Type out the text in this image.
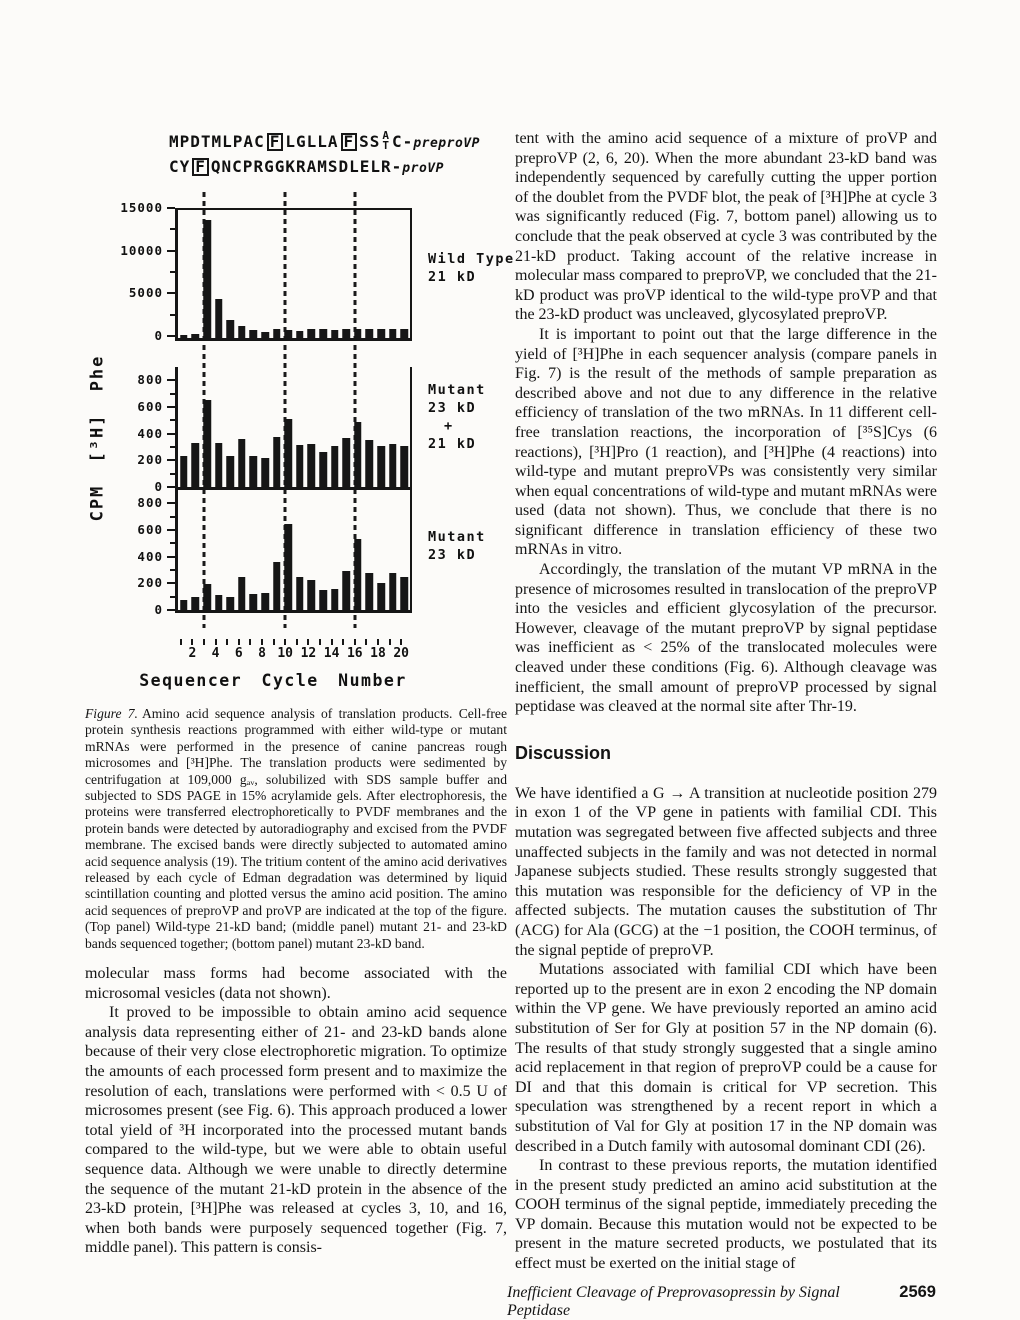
MPDTMLPAC F LGLLA F SS A
T C-preproVP
CY F QNCPRGGKRAMSDLELR-proVP
CPM [³H] Phe
0
5000
10000
15000
Wild Type
21 kD
0
200
400
600
800
Mutant
23 kD
+
21 kD
0
200
400
600
800
Mutant
23 kD
2 4 6 8 10 12 14 16 18 20
Sequencer Cycle Number
Figure 7. Amino acid sequence analysis of translation products. Cell-free protein synthesis reactions programmed with either wild-type or mutant mRNAs were performed in the presence of canine pancreas rough microsomes and [³H]Phe. The translation products were sedimented by centrifugation at 109,000 gₐᵥ, solubilized with SDS sample buffer and subjected to SDS PAGE in 15% acrylamide gels. After electrophoresis, the proteins were transferred electrophoretically to PVDF membranes and the protein bands were detected by autoradiography and excised from the PVDF membrane. The excised bands were directly subjected to automated amino acid sequence analysis (19). The tritium content of the amino acid derivatives released by each cycle of Edman degradation was determined by liquid scintillation counting and plotted versus the amino acid position. The amino acid sequences of preproVP and proVP are indicated at the top of the figure. (Top panel) Wild-type 21-kD band; (middle panel) mutant 21- and 23-kD bands sequenced together; (bottom panel) mutant 23-kD band.

molecular mass forms had become associated with the microsomal vesicles (data not shown).

It proved to be impossible to obtain amino acid sequence analysis data representing either of 21- and 23-kD bands alone because of their very close electrophoretic migration. To optimize the amounts of each processed form present and to maximize the resolution of each, translations were performed with < 0.5 U of microsomes present (see Fig. 6). This approach produced a lower total yield of ³H incorporated into the processed mutant bands compared to the wild-type, but we were able to obtain useful sequence data. Although we were unable to directly determine the sequence of the mutant 21-kD protein in the absence of the 23-kD protein, [³H]Phe was released at cycles 3, 10, and 16, when both bands were purposely sequenced together (Fig. 7, middle panel). This pattern is consis-

tent with the amino acid sequence of a mixture of proVP and preproVP (2, 6, 20). When the more abundant 23-kD band was independently sequenced by carefully cutting the upper portion of the doublet from the PVDF blot, the peak of [³H]Phe at cycle 3 was significantly reduced (Fig. 7, bottom panel) allowing us to conclude that the peak observed at cycle 3 was contributed by the 21-kD product. Taking account of the relative increase in molecular mass compared to preproVP, we concluded that the 21-kD product was proVP identical to the wild-type proVP and that the 23-kD product was uncleaved, glycosylated preproVP.

It is important to point out that the large difference in the yield of [³H]Phe in each sequencer analysis (compare panels in Fig. 7) is the result of the methods of sample preparation as described above and not due to any difference in the relative efficiency of translation of the two mRNAs. In 11 different cell-free translation reactions, the incorporation of [³⁵S]Cys (6 reactions), [³H]Pro (1 reaction), and [³H]Phe (4 reactions) into wild-type and mutant preproVPs was consistently very similar when equal concentrations of wild-type and mutant mRNAs were used (data not shown). Thus, we conclude that there is no significant difference in translation efficiency of these two mRNAs in vitro.

Accordingly, the translation of the mutant VP mRNA in the presence of microsomes resulted in translocation of the preproVP into the vesicles and efficient glycosylation of the precursor. However, cleavage of the mutant preproVP by signal peptidase was inefficient as < 25% of the translocated molecules were cleaved under these conditions (Fig. 6). Although cleavage was inefficient, the small amount of preproVP processed by signal peptidase was cleaved at the normal site after Thr-19.

Discussion

We have identified a G → A transition at nucleotide position 279 in exon 1 of the VP gene in patients with familial CDI. This mutation was segregated between five affected subjects and three unaffected subjects in the family and was not detected in normal Japanese subjects studied. These results strongly suggested that this mutation was responsible for the deficiency of VP in the affected subjects. The mutation causes the substitution of Thr (ACG) for Ala (GCG) at the −1 position, the COOH terminus, of the signal peptide of preproVP.

Mutations associated with familial CDI which have been reported up to the present are in exon 2 encoding the NP domain within the VP gene. We have previously reported an amino acid substitution of Ser for Gly at position 57 in the NP domain (6). The results of that study strongly suggested that a single amino acid replacement in that region of preproVP could be a cause for DI and that this domain is critical for VP secretion. This speculation was strengthened by a recent report in which a substitution of Val for Gly at position 17 in the NP domain was described in a Dutch family with autosomal dominant CDI (26).

In contrast to these previous reports, the mutation identified in the present study predicted an amino acid substitution at the COOH terminus of the signal peptide, immediately preceding the VP domain. Because this mutation would not be expected to be present in the mature secreted products, we postulated that its effect must be exerted on the initial stage of

Inefficient Cleavage of Preprovasopressin by Signal Peptidase
2569
